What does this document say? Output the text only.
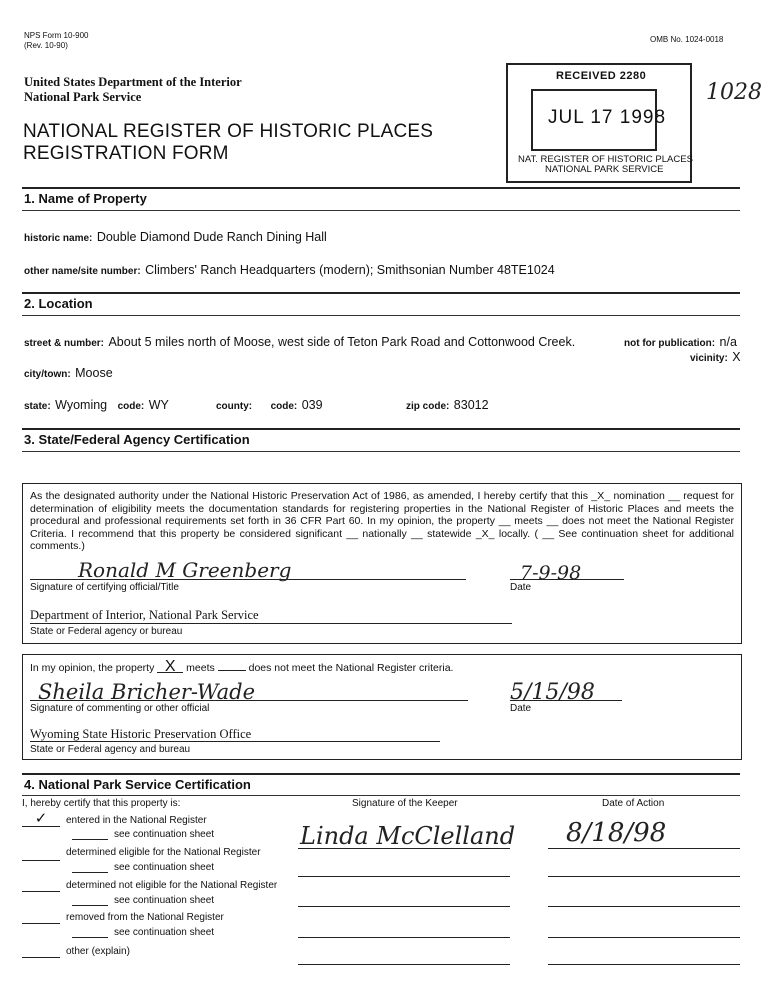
NPS Form 10-900
(Rev. 10-90)
OMB No. 1024-0018
United States Department of the Interior
National Park Service
NATIONAL REGISTER OF HISTORIC PLACES
REGISTRATION FORM
RECEIVED 2280
JUL 17 1998
NAT. REGISTER OF HISTORIC PLACES
NATIONAL PARK SERVICE
1028
1. Name of Property
historic name: Double Diamond Dude Ranch Dining Hall
other name/site number: Climbers' Ranch Headquarters (modern); Smithsonian Number 48TE1024
2. Location
street & number: About 5 miles north of Moose, west side of Teton Park Road and Cottonwood Creek.	not for publication: n/a
vicinity: X
city/town: Moose
state: Wyoming code: WY	county: code: 039	zip code: 83012
3. State/Federal Agency Certification
As the designated authority under the National Historic Preservation Act of 1986, as amended, I hereby certify that this _X_ nomination __ request for determination of eligibility meets the documentation standards for registering properties in the National Register of Historic Places and meets the procedural and professional requirements set forth in 36 CFR Part 60. In my opinion, the property __ meets __ does not meet the National Register Criteria. I recommend that this property be considered significant __ nationally __ statewide _X_ locally. ( __ See continuation sheet for additional comments.)
Ronald M Greenberg
Signature of certifying official/Title
7-9-98
Date
Department of Interior, National Park Service
State or Federal agency or bureau
In my opinion, the property X meets	does not meet the National Register criteria.
Sheila Bricher-Wade
Signature of commenting or other official
5/15/98
Date
Wyoming State Historic Preservation Office
State or Federal agency and bureau
4. National Park Service Certification
I, hereby certify that this property is:	Signature of the Keeper	Date of Action
✓	entered in the National Register
see continuation sheet
determined eligible for the National Register
see continuation sheet
determined not eligible for the National Register
see continuation sheet
removed from the National Register
see continuation sheet
other (explain)
Linda McClelland 8/18/98
